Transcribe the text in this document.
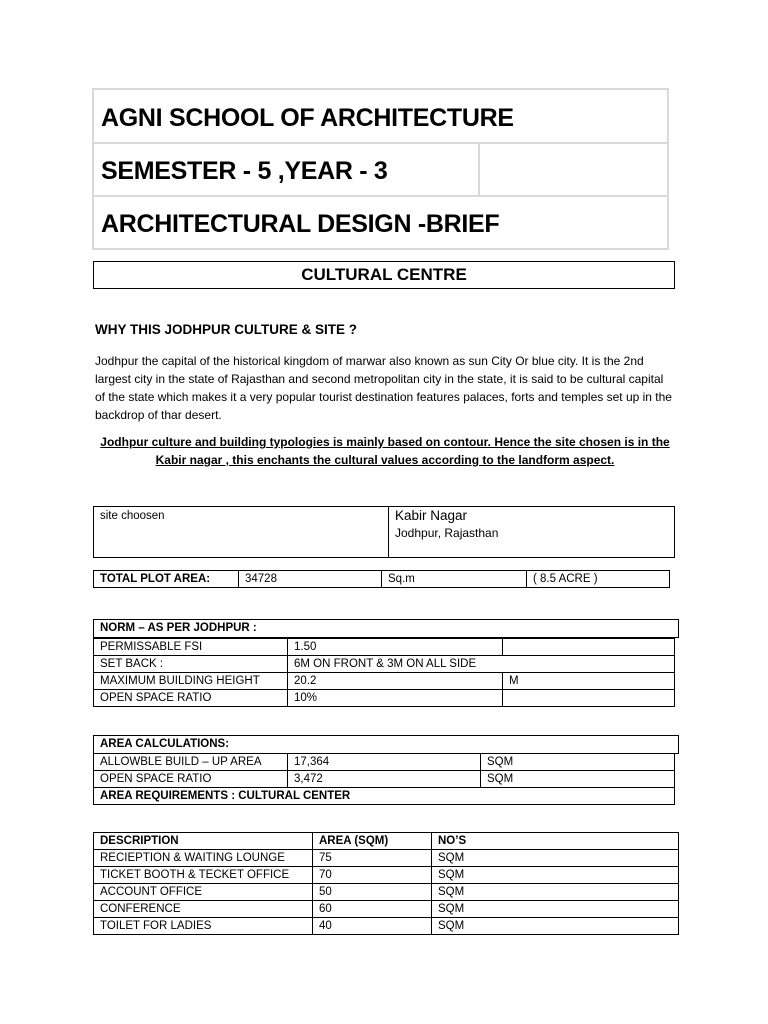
AGNI SCHOOL OF ARCHITECTURE
SEMESTER - 5 ,YEAR - 3
ARCHITECTURAL DESIGN -BRIEF
CULTURAL CENTRE
WHY THIS JODHPUR CULTURE & SITE ?
Jodhpur the capital of the historical kingdom of marwar also known as sun City Or blue city. It is the 2nd largest city in the state of Rajasthan and second metropolitan city in the state, it is said to be cultural capital of the state which makes it a very popular tourist destination features palaces, forts and temples set up in the backdrop of thar desert.
Jodhpur culture and building typologies is mainly based on contour. Hence the site chosen is in the Kabir nagar , this enchants the cultural values according to the landform aspect.
site choosen	Kabir Nagar
Jodhpur, Rajasthan
TOTAL PLOT AREA:	34728	Sq.m	( 8.5 ACRE )
NORM – AS PER JODHPUR :
PERMISSABLE FSI	1.50	
SET BACK :	6M ON FRONT & 3M ON ALL SIDE	
MAXIMUM BUILDING HEIGHT	20.2	M
OPEN SPACE RATIO	10%	
AREA CALCULATIONS:
ALLOWBLE BUILD – UP AREA	17,364	SQM
OPEN SPACE RATIO	3,472	SQM
AREA REQUIREMENTS : CULTURAL CENTER		
DESCRIPTION	AREA (SQM)	NO’S
RECIEPTION & WAITING LOUNGE	75	SQM
TICKET BOOTH & TECKET OFFICE	70	SQM
ACCOUNT OFFICE	50	SQM
CONFERENCE	60	SQM
TOILET FOR LADIES	40	SQM
